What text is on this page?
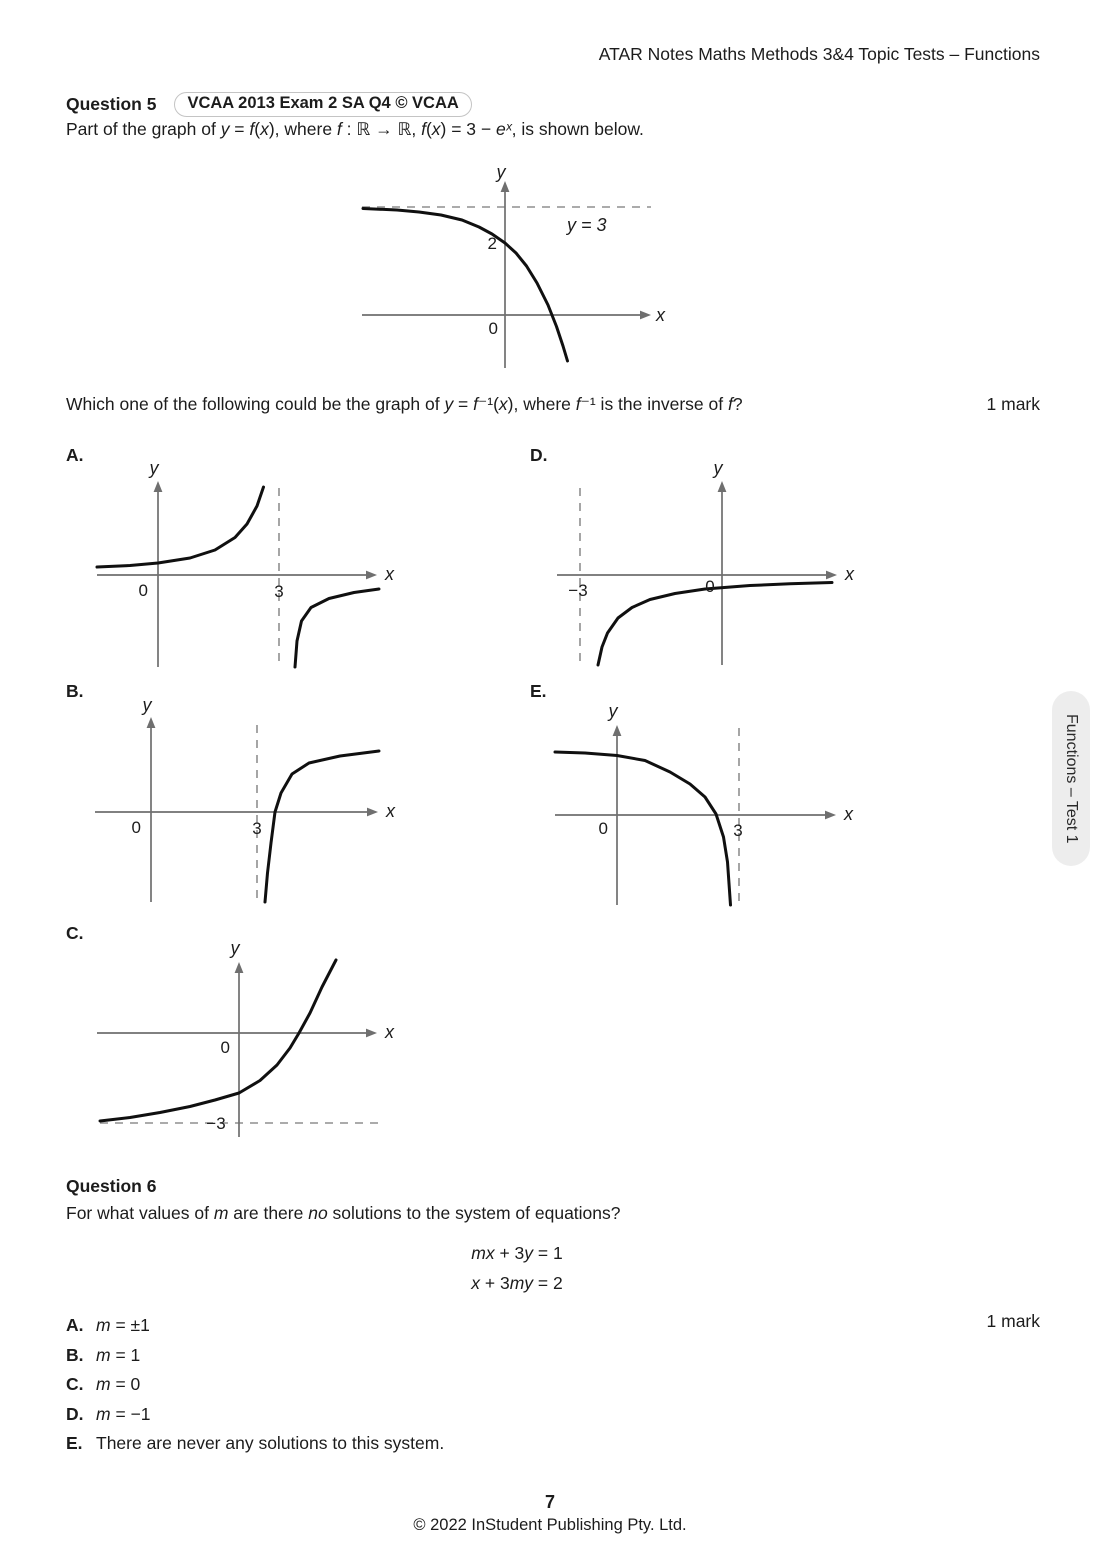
ATAR Notes Maths Methods 3&4 Topic Tests – Functions
Question 5	VCAA 2013 Exam 2 SA Q4 © VCAA

Part of the graph of y = f(x), where f : ℝ → ℝ, f(x) = 3 − eˣ, is shown below.

y
x
2
0
y = 3
Which one of the following could be the graph of y = f⁻¹(x), where f⁻¹ is the inverse of f?	1 mark
A.	D.
B.	E.
C.
y
x
0	3
y
x
−3	0
y
x
0	3
y
x
0	3
y
x
0
−3
Question 6
For what values of m are there no solutions to the system of equations?
mx + 3y = 1
x + 3my = 2
A. m = ±1
B. m = 1
C. m = 0
D. m = −1
E. There are never any solutions to this system.
1 mark
Functions – Test 1
7
© 2022 InStudent Publishing Pty. Ltd.
